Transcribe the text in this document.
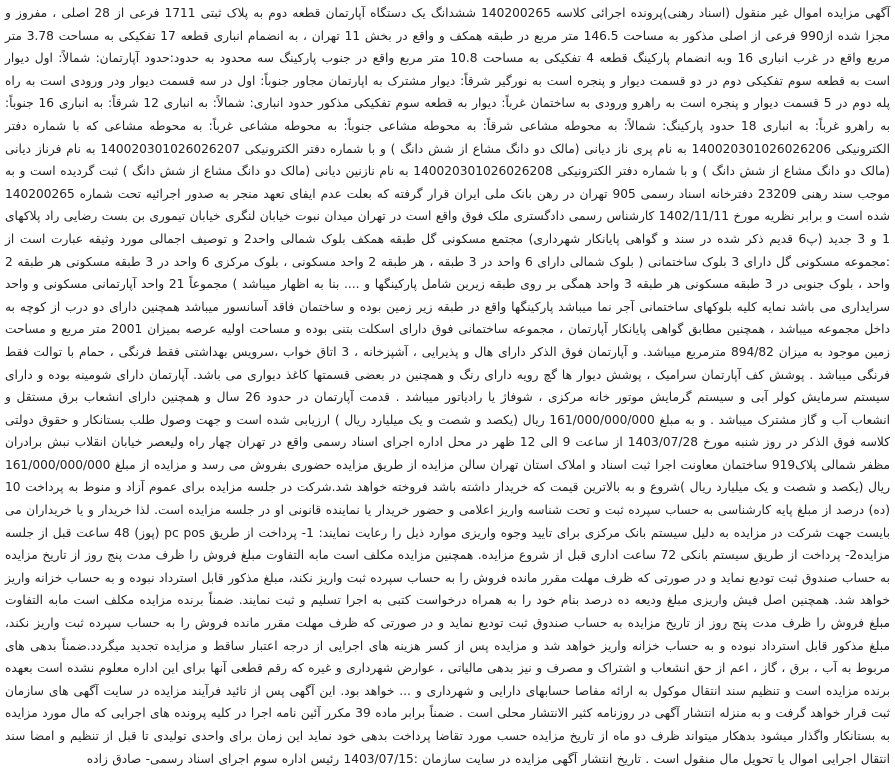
آگهی مزایده اموال غیر منقول (اسناد رهنی)پرونده اجرائی کلاسه 140200265 ششدانگ یک دستگاه آپارتمان قطعه دوم به پلاک ثبتی 1711 فرعی از 28 اصلی ، مفروز و مجزا شده از990 فرعی از اصلی مذکور به مساحت 146.5 متر مربع در طبقه همکف و واقع در بخش 11 تهران ، به انضمام انباری قطعه 17 تفکیکی به مساحت 3.78 متر مربع واقع در غرب انباری 16 وبه انضمام پارکینگ قطعه 4 تفکیکی به مساحت 10.8 متر مربع واقع در جنوب پارکینگ سه محدود به حدود:حدود آپارتمان: شمالاً: اول دیوار است به قطعه سوم تفکیکی دوم در دو قسمت دیوار و پنجره است به نورگیر شرقاً: دیوار مشترک به اپارتمان مجاور جنوباً: اول در سه قسمت دیوار ودر ورودی است به راه پله دوم در 5 قسمت دیوار و پنجره است به راهرو ورودی به ساختمان غرباً: دیوار به قطعه سوم تفکیکی مذکور حدود انباری: شمالاً: به انباری 12 شرقاً: به انباری 16 جنوباً: به راهرو غرباً: به انباری 18 حدود پارکینگ: شمالاً: به محوطه مشاعی شرقاً: به محوطه مشاعی جنوباً: به محوطه مشاعی غرباً: به محوطه مشاعی که با شماره دفتر الکترونیکی 140020301026026206 به نام پری ناز دیانی (مالک دو دانگ مشاع از شش دانگ ) و با شماره دفتر الکترونیکی 140020301026026207 به نام فرناز دیانی (مالک دو دانگ مشاع از شش دانگ ) و با شماره دفتر الکترونیکی 140020301026026208 به نام نازنین دیانی (مالک دو دانگ مشاع از شش دانگ ) ثبت گردیده است و به موجب سند رهنی 23209 دفترخانه اسناد رسمی 905 تهران در رهن بانک ملی ایران قرار گرفته که بعلت عدم ایفای تعهد منجر به صدور اجرائیه تحت شماره 140200265 شده است و برابر نظریه مورخ 1402/11/11 کارشناس رسمی دادگستری ملک فوق واقع است در تهران میدان نبوت خیابان لنگری خیابان تیموری بن بست رضایی راد پلاکهای 1 و 3 جدید (پ6 قدیم ذکر شده در سند و گواهی پایانکار شهرداری) مجتمع مسکونی گل طبقه همکف بلوک شمالی واحد2 و توصیف اجمالی مورد وثیقه عبارت است از :مجموعه مسکونی گل دارای 3 بلوک ساختمانی ( بلوک شمالی دارای 6 واحد در 3 طبقه ، هر طبقه 2 واحد مسکونی ، بلوک مرکزی 6 واحد در 3 طبقه مسکونی هر طبقه 2 واحد ، بلوک جنوبی در 3 طبقه مسکونی هر طبقه 3 واحد همگی بر روی طبقه زیرین شامل پارکینگها و .... بنا به اظهار میباشد ) مجموعاً 21 واحد آپارتمانی مسکونی و واحد سرایداری می باشد نمایه کلیه بلوکهای ساختمانی آجر نما میباشد پارکینگها واقع در طبقه زیر زمین بوده و ساختمان فاقد آسانسور میباشد همچنین دارای دو درب از کوچه به داخل مجموعه میباشد ، همچنین مطابق گواهی پایانکار آپارتمان ، مجموعه ساختمانی فوق دارای اسکلت بتنی بوده و مساحت اولیه عرصه بمیزان 2001 متر مربع و مساحت زمین موجود به میزان 894/82 مترمربع میباشد. و آپارتمان فوق الذکر دارای هال و پذیرایی ، آشپزخانه ، 3 اتاق خواب ،سرویس بهداشتی فقط فرنگی ، حمام با توالت فقط فرنگی میباشد . پوشش کف آپارتمان سرامیک ، پوشش دیوار ها گچ رویه دارای رنگ و همچنین در بعضی قسمتها کاغذ دیواری می باشد. آپارتمان دارای شومینه بوده و دارای سیستم سرمایش کولر آبی و سیستم گرمایش موتور خانه مرکزی ، شوفاژ یا رادیاتور میباشد . قدمت آپارتمان در حدود 26 سال و همچنین دارای انشعاب برق مستقل و انشعاب آب و گاز مشترک میباشد . و به مبلغ 161/000/000/000 ریال (یکصد و شصت و یک میلیارد ریال ) ارزیابی شده است و جهت وصول طلب بستانکار و حقوق دولتی کلاسه فوق الذکر در روز شنبه مورخ 1403/07/28 از ساعت 9 الی 12 ظهر در محل اداره اجرای اسناد رسمی واقع در تهران چهار راه ولیعصر خیابان انقلاب نبش برادران مظفر شمالی پلاک919 ساختمان معاونت اجرا ثبت اسناد و املاک استان تهران سالن مزایده از طریق مزایده حضوری بفروش می رسد و مزایده از مبلغ 161/000/000/000 ریال (یکصد و شصت و یک میلیارد ریال )شروع و به بالاترین قیمت که خریدار داشته باشد فروخته خواهد شد.شرکت در جلسه مزایده برای عموم آزاد و منوط به پرداخت 10 (ده) درصد از مبلغ پایه کارشناسی به حساب سپرده ثبت و تحت شناسه واریز اعلامی و حضور خریدار یا نماینده قانونی او در جلسه مزایده است. لذا خریدار و یا خریداران می بایست جهت شرکت در مزایده به دلیل سیستم بانک مرکزی برای تایید وجوه واریزی موارد ذیل را رعایت نمایند: 1- پرداخت از طریق pc pos (پوز) 48 ساعت قبل از جلسه مزایده2- پرداخت از طریق سیستم بانکی 72 ساعت اداری قبل از شروع مزایده. همچنین مزایده مکلف است مابه التفاوت مبلغ فروش را ظرف مدت پنج روز از تاریخ مزایده به حساب صندوق ثبت تودیع نماید و در صورتی که ظرف مهلت مقرر مانده فروش را به حساب سپرده ثبت واریز نکند، مبلغ مذکور قابل استرداد نبوده و به حساب خزانه واریز خواهد شد. همچنین اصل فیش واریزی مبلغ ودیعه ده درصد بنام خود را به همراه درخواست کتبی به اجرا تسلیم و ثبت نمایند. ضمناً برنده مزایده مکلف است مابه التفاوت مبلغ فروش را ظرف مدت پنج روز از تاریخ مزایده به حساب صندوق ثبت تودیع نماید و در صورتی که ظرف مهلت مقرر مانده فروش را به حساب سپرده ثبت واریز نکند، مبلغ مذکور قابل استرداد نبوده و به حساب خزانه واریز خواهد شد و مزایده پس از کسر هزینه های اجرایی از درجه اعتبار ساقط و مزایده تجدید میگردد.ضمناً بدهی های مربوط به آب ، برق ، گاز ، اعم از حق انشعاب و اشتراک و مصرف و نیز بدهی مالیاتی ، عوارض شهرداری و غیره که رقم قطعی آنها برای این اداره معلوم نشده است بعهده برنده مزایده است و تنظیم سند انتقال موکول به ارائه مفاصا حسابهای دارایی و شهرداری و ... خواهد بود. این آگهی پس از تائید فرآیند مزایده در سایت آگهی های سازمان ثبت قرار خواهد گرفت و به منزله انتشار آگهی در روزنامه کثیر الانتشار محلی است . ضمناً برابر ماده 39 مکرر آئین نامه اجرا در کلیه پرونده های اجرایی که مال مورد مزایده به بستانکار واگذار میشود بدهکار میتواند ظرف دو ماه از تاریخ مزایده حسب مورد تقاضا پرداخت بدهی خود نماید این زمان برای واحدی تولیدی تا قبل از تنظیم و امضا سند انتقال اجرایی اموال یا تحویل مال منقول است . تاریخ انتشار آگهی مزایده در سایت سازمان :1403/07/15 رئیس اداره سوم اجرای اسناد رسمی- صادق زاده
